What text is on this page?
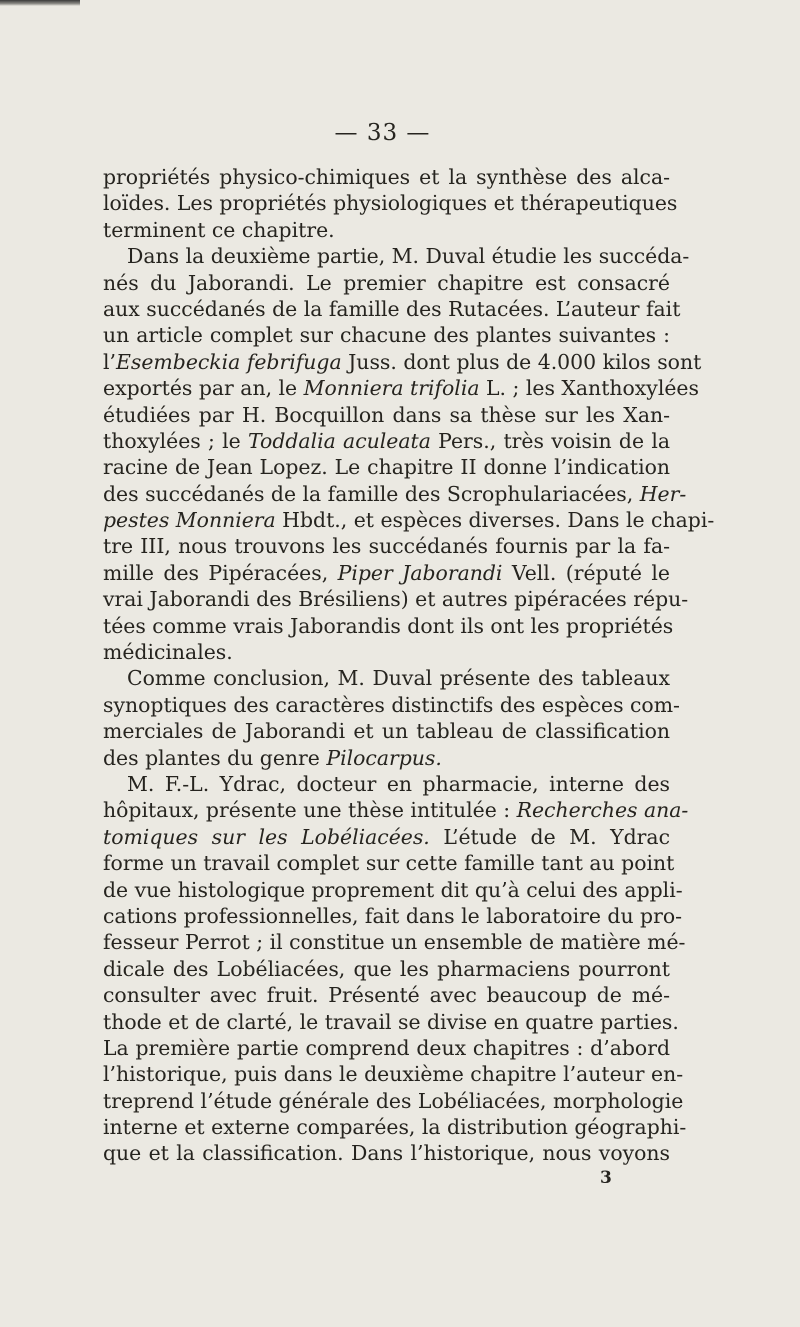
— 33 —
propriétés physico-chimiques et la synthèse des alca-
loïdes. Les propriétés physiologiques et thérapeutiques
terminent ce chapitre.
Dans la deuxième partie, M. Duval étudie les succéda-
nés du Jaborandi. Le premier chapitre est consacré
aux succédanés de la famille des Rutacées. L’auteur fait
un article complet sur chacune des plantes suivantes :
l’Esembeckia febrifuga Juss. dont plus de 4.000 kilos sont
exportés par an, le Monniera trifolia L. ; les Xanthoxylées
étudiées par H. Bocquillon dans sa thèse sur les Xan-
thoxylées ; le Toddalia aculeata Pers., très voisin de la
racine de Jean Lopez. Le chapitre II donne l’indication
des succédanés de la famille des Scrophulariacées, Her-
pestes Monniera Hbdt., et espèces diverses. Dans le chapi-
tre III, nous trouvons les succédanés fournis par la fa-
mille des Pipéracées, Piper Jaborandi Vell. (réputé le
vrai Jaborandi des Brésiliens) et autres pipéracées répu-
tées comme vrais Jaborandis dont ils ont les propriétés
médicinales.
Comme conclusion, M. Duval présente des tableaux
synoptiques des caractères distinctifs des espèces com-
merciales de Jaborandi et un tableau de classification
des plantes du genre Pilocarpus.
M. F.-L. Ydrac, docteur en pharmacie, interne des
hôpitaux, présente une thèse intitulée : Recherches ana-
tomiques sur les Lobéliacées. L’étude de M. Ydrac
forme un travail complet sur cette famille tant au point
de vue histologique proprement dit qu’à celui des appli-
cations professionnelles, fait dans le laboratoire du pro-
fesseur Perrot ; il constitue un ensemble de matière mé-
dicale des Lobéliacées, que les pharmaciens pourront
consulter avec fruit. Présenté avec beaucoup de mé-
thode et de clarté, le travail se divise en quatre parties.
La première partie comprend deux chapitres : d’abord
l’historique, puis dans le deuxième chapitre l’auteur en-
treprend l’étude générale des Lobéliacées, morphologie
interne et externe comparées, la distribution géographi-
que et la classification. Dans l’historique, nous voyons
3
